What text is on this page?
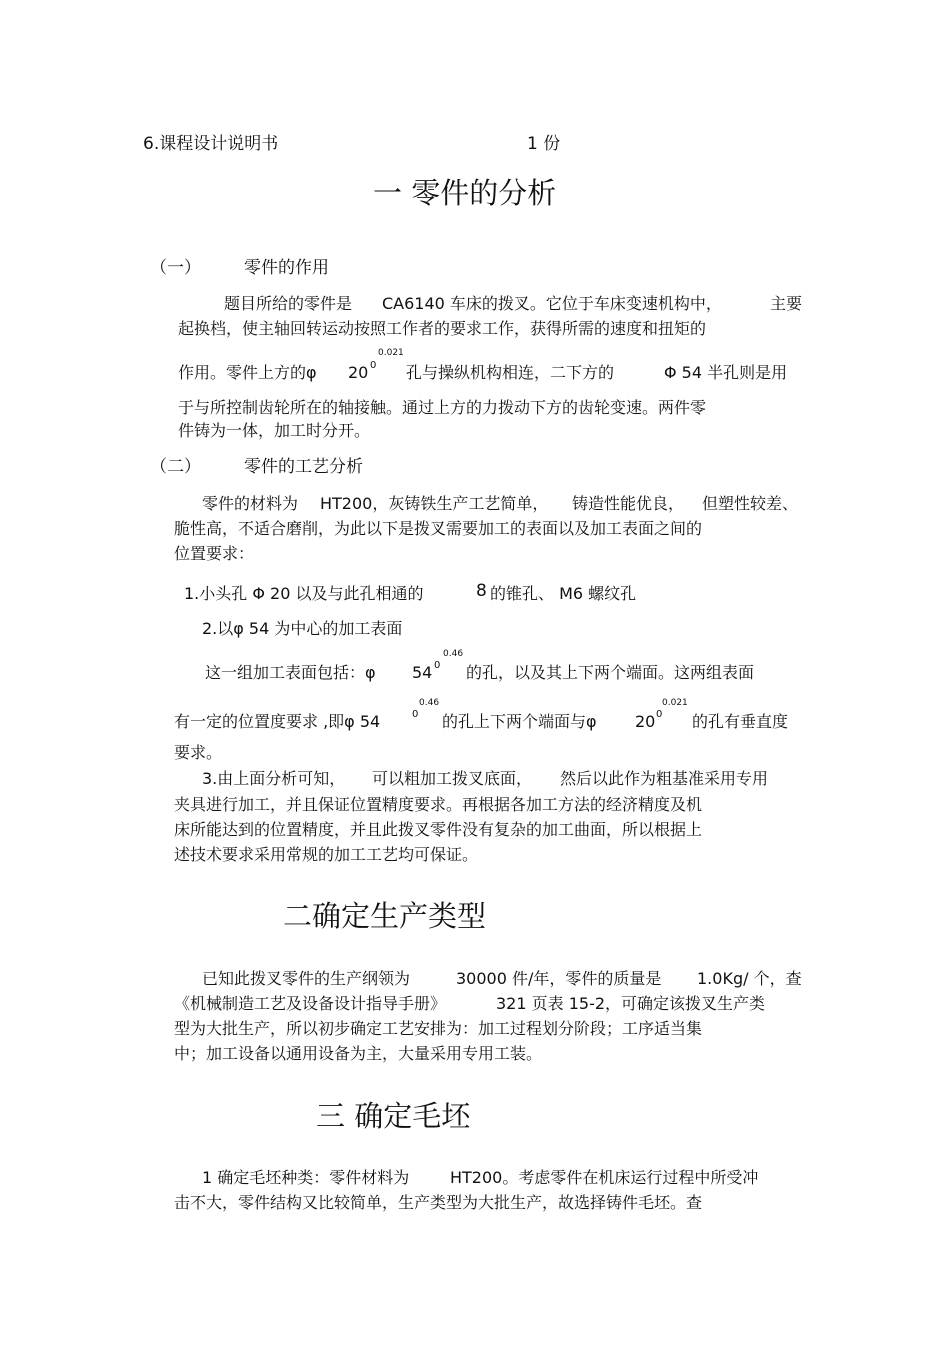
6.课程设计说明书	1 份
一 零件的分析
（一）	零件的作用
题目所给的零件是 CA6140 车床的拨叉。它位于车床变速机构中，	主要
起换档，使主轴回转运动按照工作者的要求工作，获得所需的速度和扭矩的
作用。零件上方的φ 20 0
0.021
孔与操纵机构相连，二下方的	Φ 54 半孔则是用
于与所控制齿轮所在的轴接触。通过上方的力拨动下方的齿轮变速。两件零
件铸为一体，加工时分开。
（二）	零件的工艺分析
零件的材料为 HT200，灰铸铁生产工艺简单， 铸造性能优良， 但塑性较差、
脆性高，不适合磨削，为此以下是拨叉需要加工的表面以及加工表面之间的
位置要求：
1.小头孔 Φ 20 以及与此孔相通的	8 的锥孔、 M6 螺纹孔
2.以φ 54 为中心的加工表面
这一组加工表面包括：φ 54 0
0.46
的孔，以及其上下两个端面。这两组表面
有一定的位置度要求 ,即φ 54	0
0.46
的孔上下两个端面与φ 20 0
0.021
的孔有垂直度
要求。
3.由上面分析可知， 可以粗加工拨叉底面， 然后以此作为粗基准采用专用
夹具进行加工，并且保证位置精度要求。再根据各加工方法的经济精度及机
床所能达到的位置精度，并且此拨叉零件没有复杂的加工曲面，所以根据上
述技术要求采用常规的加工工艺均可保证。
二确定生产类型
已知此拨叉零件的生产纲领为	30000 件/年，零件的质量是 1.0Kg/ 个，查
《机械制造工艺及设备设计指导手册》	321 页表 15-2，可确定该拨叉生产类
型为大批生产，所以初步确定工艺安排为：加工过程划分阶段；工序适当集
中；加工设备以通用设备为主，大量采用专用工装。
三 确定毛坯
1 确定毛坯种类：零件材料为	HT200。考虑零件在机床运行过程中所受冲
击不大，零件结构又比较简单，生产类型为大批生产，故选择铸件毛坯。查
